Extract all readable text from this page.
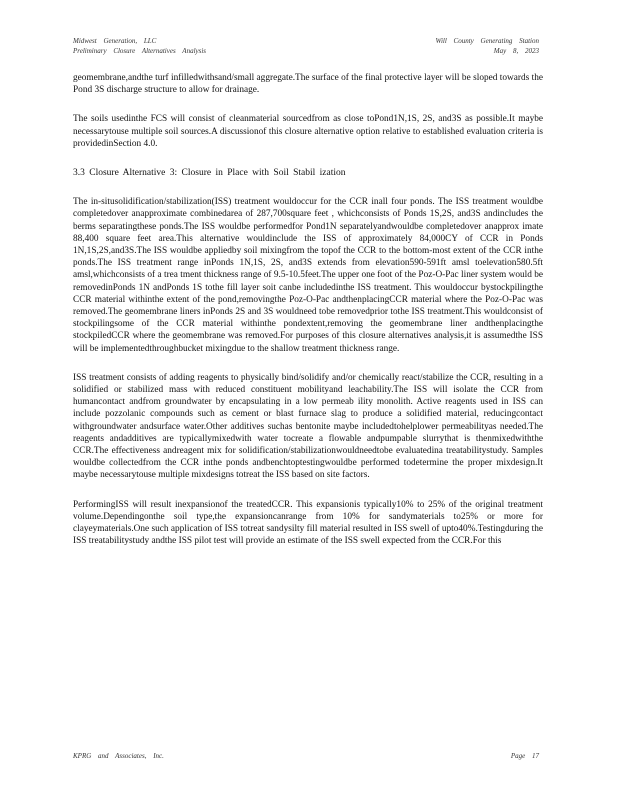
Midwest Generation, LLC
Preliminary Closure Alternatives Analysis
Will County Generating Station
May 8, 2023

geomembrane,andthe turf infilledwithsand/small aggregate.The surface of the final protective layer will be sloped towards the Pond 3S discharge structure to allow for drainage.

The soils usedinthe FCS will consist of cleanmaterial sourcedfrom as close toPond1N,1S, 2S, and3S as possible.It maybe necessarytouse multiple soil sources.A discussionof this closure alternative option relative to established evaluation criteria is providedinSection 4.0.

3.3 Closure Alternative 3: Closure in Place with Soil Stabil ization

The in-situsolidification/stabilization(ISS) treatment wouldoccur for the CCR inall four ponds. The ISS treatment wouldbe completedover anapproximate combinedarea of 287,700square feet , whichconsists of Ponds 1S,2S, and3S andincludes the berms separatingthese ponds.The ISS wouldbe performedfor Pond1N separatelyandwouldbe completedover anapprox imate 88,400 square feet area.This alternative wouldinclude the ISS of approximately 84,000CY of CCR in Ponds 1N,1S,2S,and3S.The ISS wouldbe appliedby soil mixingfrom the topof the CCR to the bottom-most extent of the CCR inthe ponds.The ISS treatment range inPonds 1N,1S, 2S, and3S extends from elevation590-591ft amsl toelevation580.5ft amsl,whichconsists of a trea tment thickness range of 9.5-10.5feet.The upper one foot of the Poz-O-Pac liner system would be removedinPonds 1N andPonds 1S tothe fill layer soit canbe includedinthe ISS treatment. This wouldoccur bystockpilingthe CCR material withinthe extent of the pond,removingthe Poz-O-Pac andthenplacingCCR material where the Poz-O-Pac was removed.The geomembrane liners inPonds 2S and 3S wouldneed tobe removedprior tothe ISS treatment.This wouldconsist of stockpilingsome of the CCR material withinthe pondextent,removing the geomembrane liner andthenplacingthe stockpiledCCR where the geomembrane was removed.For purposes of this closure alternatives analysis,it is assumedthe ISS will be implementedthroughbucket mixingdue to the shallow treatment thickness range.

ISS treatment consists of adding reagents to physically bind/solidify and/or chemically react/stabilize the CCR, resulting in a solidified or stabilized mass with reduced constituent mobilityand leachability.The ISS will isolate the CCR from humancontact andfrom groundwater by encapsulating in a low permeab ility monolith. Active reagents used in ISS can include pozzolanic compounds such as cement or blast furnace slag to produce a solidified material, reducingcontact withgroundwater andsurface water.Other additives suchas bentonite maybe includedtohelplower permeabilityas needed.The reagents andadditives are typicallymixedwith water tocreate a flowable andpumpable slurrythat is thenmixedwiththe CCR.The effectiveness andreagent mix for solidification/stabilizationwouldneedtobe evaluatedina treatabilitystudy. Samples wouldbe collectedfrom the CCR inthe ponds andbenchtoptestingwouldbe performed todetermine the proper mixdesign.It maybe necessarytouse multiple mixdesigns totreat the ISS based on site factors.

PerformingISS will result inexpansionof the treatedCCR. This expansionis typically10% to 25% of the original treatment volume.Dependingonthe soil type,the expansioncanrange from 10% for sandymaterials to25% or more for clayeymaterials.One such application of ISS totreat sandysilty fill material resulted in ISS swell of upto40%.Testingduring the ISS treatabilitystudy andthe ISS pilot test will provide an estimate of the ISS swell expected from the CCR.For this

KPRG and Associates, Inc.	Page 17
